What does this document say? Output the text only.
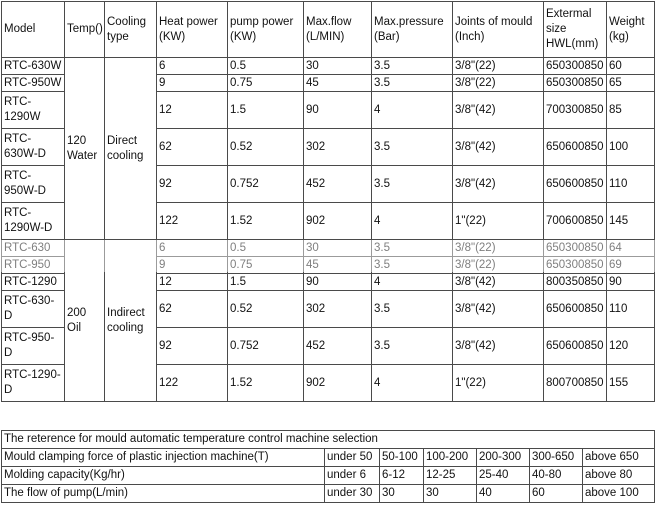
Model	Temp()	Cooling type	Heat power (KW)	pump power (KW)	Max.flow (L/MIN)	Max.pressure (Bar)	Joints of mould (Inch)	Extermal size HWL(mm)	Weight (kg)
RTC-630W	120 Water	Direct cooling	6	0.5	30	3.5	3/8"(22)	650300850	60
RTC-950W			9	0.75	45	3.5	3/8"(22)	650300850	65
RTC-1290W			12	1.5	90	4	3/8"(42)	700300850	85
RTC-630W-D			62	0.52	302	3.5	3/8"(42)	650600850	100
RTC-950W-D			92	0.752	452	3.5	3/8"(42)	650600850	110
RTC-1290W-D			122	1.52	902	4	1"(22)	700600850	145
RTC-630	200 Oil	Indirect cooling	6	0.5	30	3.5	3/8"(22)	650300850	64
RTC-950			9	0.75	45	3.5	3/8"(22)	650300850	69
RTC-1290			12	1.5	90	4	3/8"(42)	800350850	90
RTC-630-D			62	0.52	302	3.5	3/8"(42)	650600850	110
RTC-950-D			92	0.752	452	3.5	3/8"(42)	650600850	120
RTC-1290-D			122	1.52	902	4	1"(22)	800700850	155
The reterence for mould automatic temperature control machine selection						
Mould clamping force of plastic injection machine(T)	under 50	50-100	100-200	200-300	300-650	above 650
Molding capacity(Kg/hr)	under 6	6-12	12-25	25-40	40-80	above 80
The flow of pump(L/min)	under 30	30	30	40	60	above 100
